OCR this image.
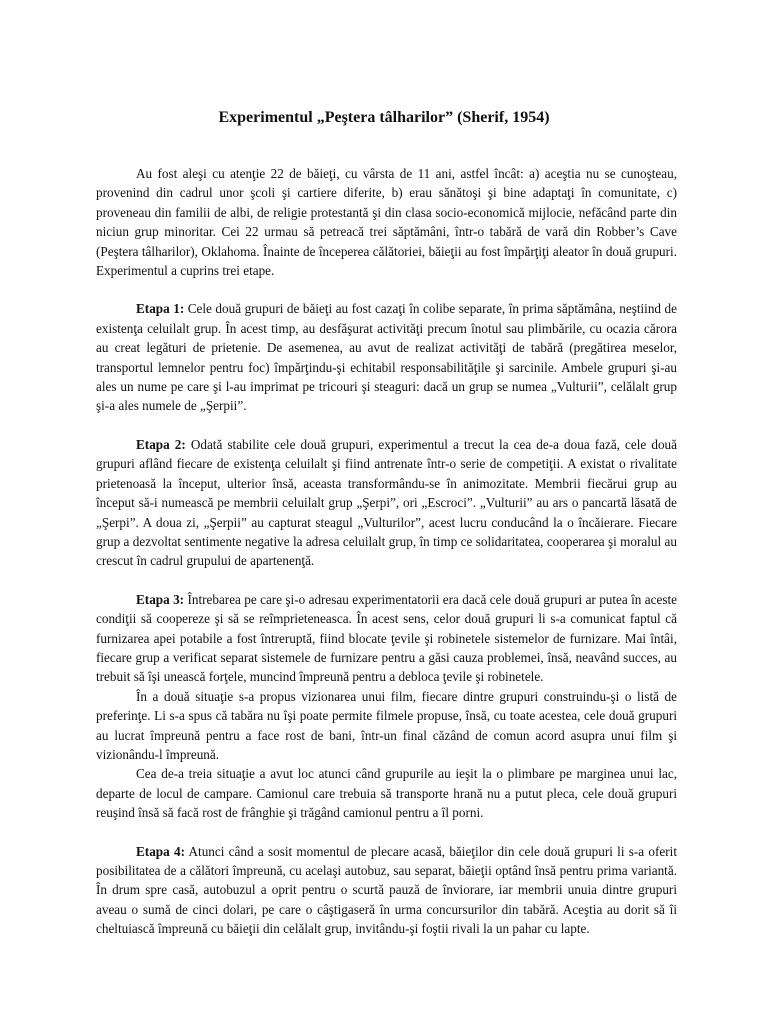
Experimentul „Peştera tâlharilor” (Sherif, 1954)

Au fost aleşi cu atenţie 22 de băieţi, cu vârsta de 11 ani, astfel încât: a) aceştia nu se cunoşteau, provenind din cadrul unor şcoli şi cartiere diferite, b) erau sănătoşi şi bine adaptaţi în comunitate, c) proveneau din familii de albi, de religie protestantă şi din clasa socio-economică mijlocie, nefăcând parte din niciun grup minoritar. Cei 22 urmau să petreacă trei săptămâni, într-o tabără de vară din Robber’s Cave (Peştera tâlharilor), Oklahoma. Înainte de începerea călătoriei, băieţii au fost împărţiţi aleator în două grupuri. Experimentul a cuprins trei etape.

Etapa 1: Cele două grupuri de băieţi au fost cazaţi în colibe separate, în prima săptămâna, neştiind de existenţa celuilalt grup. În acest timp, au desfăşurat activităţi precum înotul sau plimbările, cu ocazia cărora au creat legături de prietenie. De asemenea, au avut de realizat activităţi de tabără (pregătirea meselor, transportul lemnelor pentru foc) împărţindu-şi echitabil responsabilităţile şi sarcinile. Ambele grupuri şi-au ales un nume pe care şi l-au imprimat pe tricouri şi steaguri: dacă un grup se numea „Vulturii”, celălalt grup şi-a ales numele de „Şerpii”.

Etapa 2: Odată stabilite cele două grupuri, experimentul a trecut la cea de-a doua fază, cele două grupuri aflând fiecare de existenţa celuilalt şi fiind antrenate într-o serie de competiţii. A existat o rivalitate prietenoasă la început, ulterior însă, aceasta transformându-se în animozitate. Membrii fiecărui grup au început să-i numească pe membrii celuilalt grup „Şerpi”, ori „Escroci”. „Vulturii” au ars o pancartă lăsată de „Şerpi”. A doua zi, „Şerpii” au capturat steagul „Vulturilor”, acest lucru conducând la o încăierare. Fiecare grup a dezvoltat sentimente negative la adresa celuilalt grup, în timp ce solidaritatea, cooperarea şi moralul au crescut în cadrul grupului de apartenenţă.

Etapa 3: Întrebarea pe care şi-o adresau experimentatorii era dacă cele două grupuri ar putea în aceste condiţii să coopereze şi să se reîmprieteneasca. În acest sens, celor două grupuri li s-a comunicat faptul că furnizarea apei potabile a fost întreruptă, fiind blocate ţevile şi robinetele sistemelor de furnizare. Mai întâi, fiecare grup a verificat separat sistemele de furnizare pentru a găsi cauza problemei, însă, neavând succes, au trebuit să îşi unească forţele, muncind împreună pentru a debloca ţevile şi robinetele.

În a două situaţie s-a propus vizionarea unui film, fiecare dintre grupuri construindu-şi o listă de preferinţe. Li s-a spus că tabăra nu îşi poate permite filmele propuse, însă, cu toate acestea, cele două grupuri au lucrat împreună pentru a face rost de bani, într-un final căzând de comun acord asupra unui film şi vizionându-l împreună.

Cea de-a treia situaţie a avut loc atunci când grupurile au ieşit la o plimbare pe marginea unui lac, departe de locul de campare. Camionul care trebuia să transporte hrană nu a putut pleca, cele două grupuri reuşind însă să facă rost de frânghie şi trăgând camionul pentru a îl porni.

Etapa 4: Atunci când a sosit momentul de plecare acasă, băieţilor din cele două grupuri li s-a oferit posibilitatea de a călători împreună, cu acelaşi autobuz, sau separat, băieţii optând însă pentru prima variantă. În drum spre casă, autobuzul a oprit pentru o scurtă pauză de înviorare, iar membrii unuia dintre grupuri aveau o sumă de cinci dolari, pe care o câştigaseră în urma concursurilor din tabără. Aceştia au dorit să îi cheltuiască împreună cu băieţii din celălalt grup, invitându-şi foştii rivali la un pahar cu lapte.
